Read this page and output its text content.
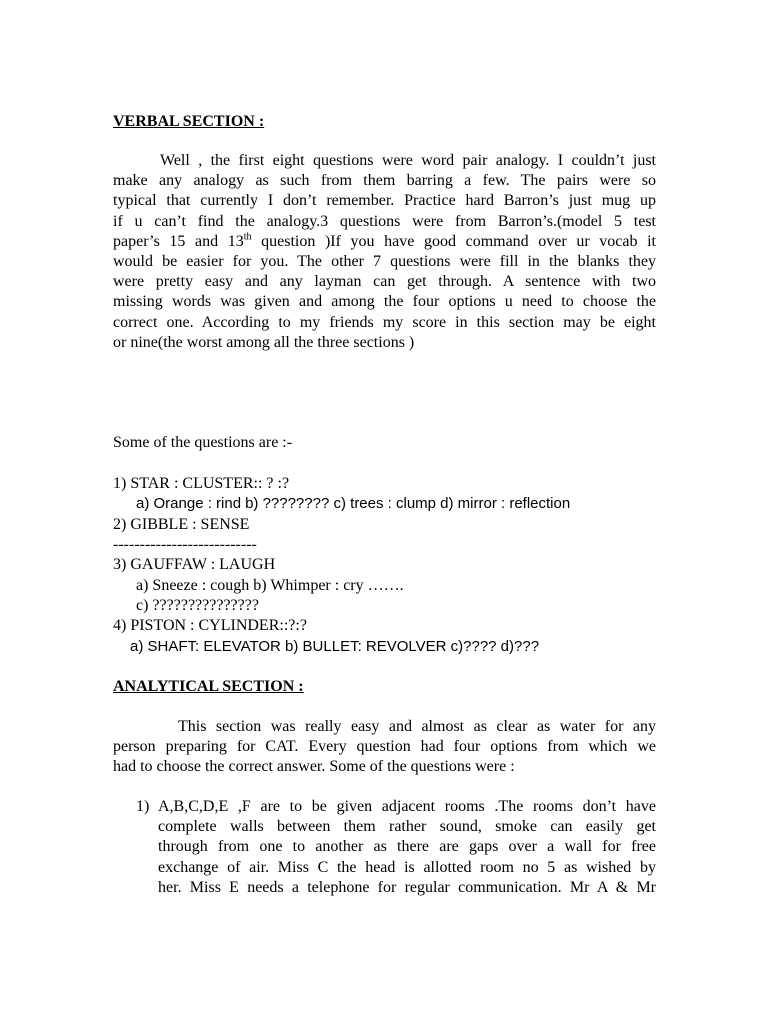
VERBAL SECTION :
Well , the first eight questions were word pair analogy. I couldn’t just
make any analogy as such from them barring a few. The pairs were so
typical that currently I don’t remember. Practice hard Barron’s just mug up
if u can’t find the analogy.3 questions were from Barron’s.(model 5 test
paper’s 15 and 13th question )If you have good command over ur vocab it
would be easier for you. The other 7 questions were fill in the blanks they
were pretty easy and any layman can get through. A sentence with two
missing words was given and among the four options u need to choose the
correct one. According to my friends my score in this section may be eight
or nine(the worst among all the three sections )
Some of the questions are :-
1) STAR : CLUSTER:: ? :?
a) Orange : rind b) ???????? c) trees : clump d) mirror : reflection
2) GIBBLE : SENSE
---------------------------
3) GAUFFAW : LAUGH
a) Sneeze : cough b) Whimper : cry …….
c) ???????????????
4) PISTON : CYLINDER::?:?
a) SHAFT: ELEVATOR b) BULLET: REVOLVER c)???? d)???
ANALYTICAL SECTION :
This section was really easy and almost as clear as water for any
person preparing for CAT. Every question had four options from which we
had to choose the correct answer. Some of the questions were :
1) A,B,C,D,E ,F are to be given adjacent rooms .The rooms don’t have
complete walls between them rather sound, smoke can easily get
through from one to another as there are gaps over a wall for free
exchange of air. Miss C the head is allotted room no 5 as wished by
her. Miss E needs a telephone for regular communication. Mr A & Mr
